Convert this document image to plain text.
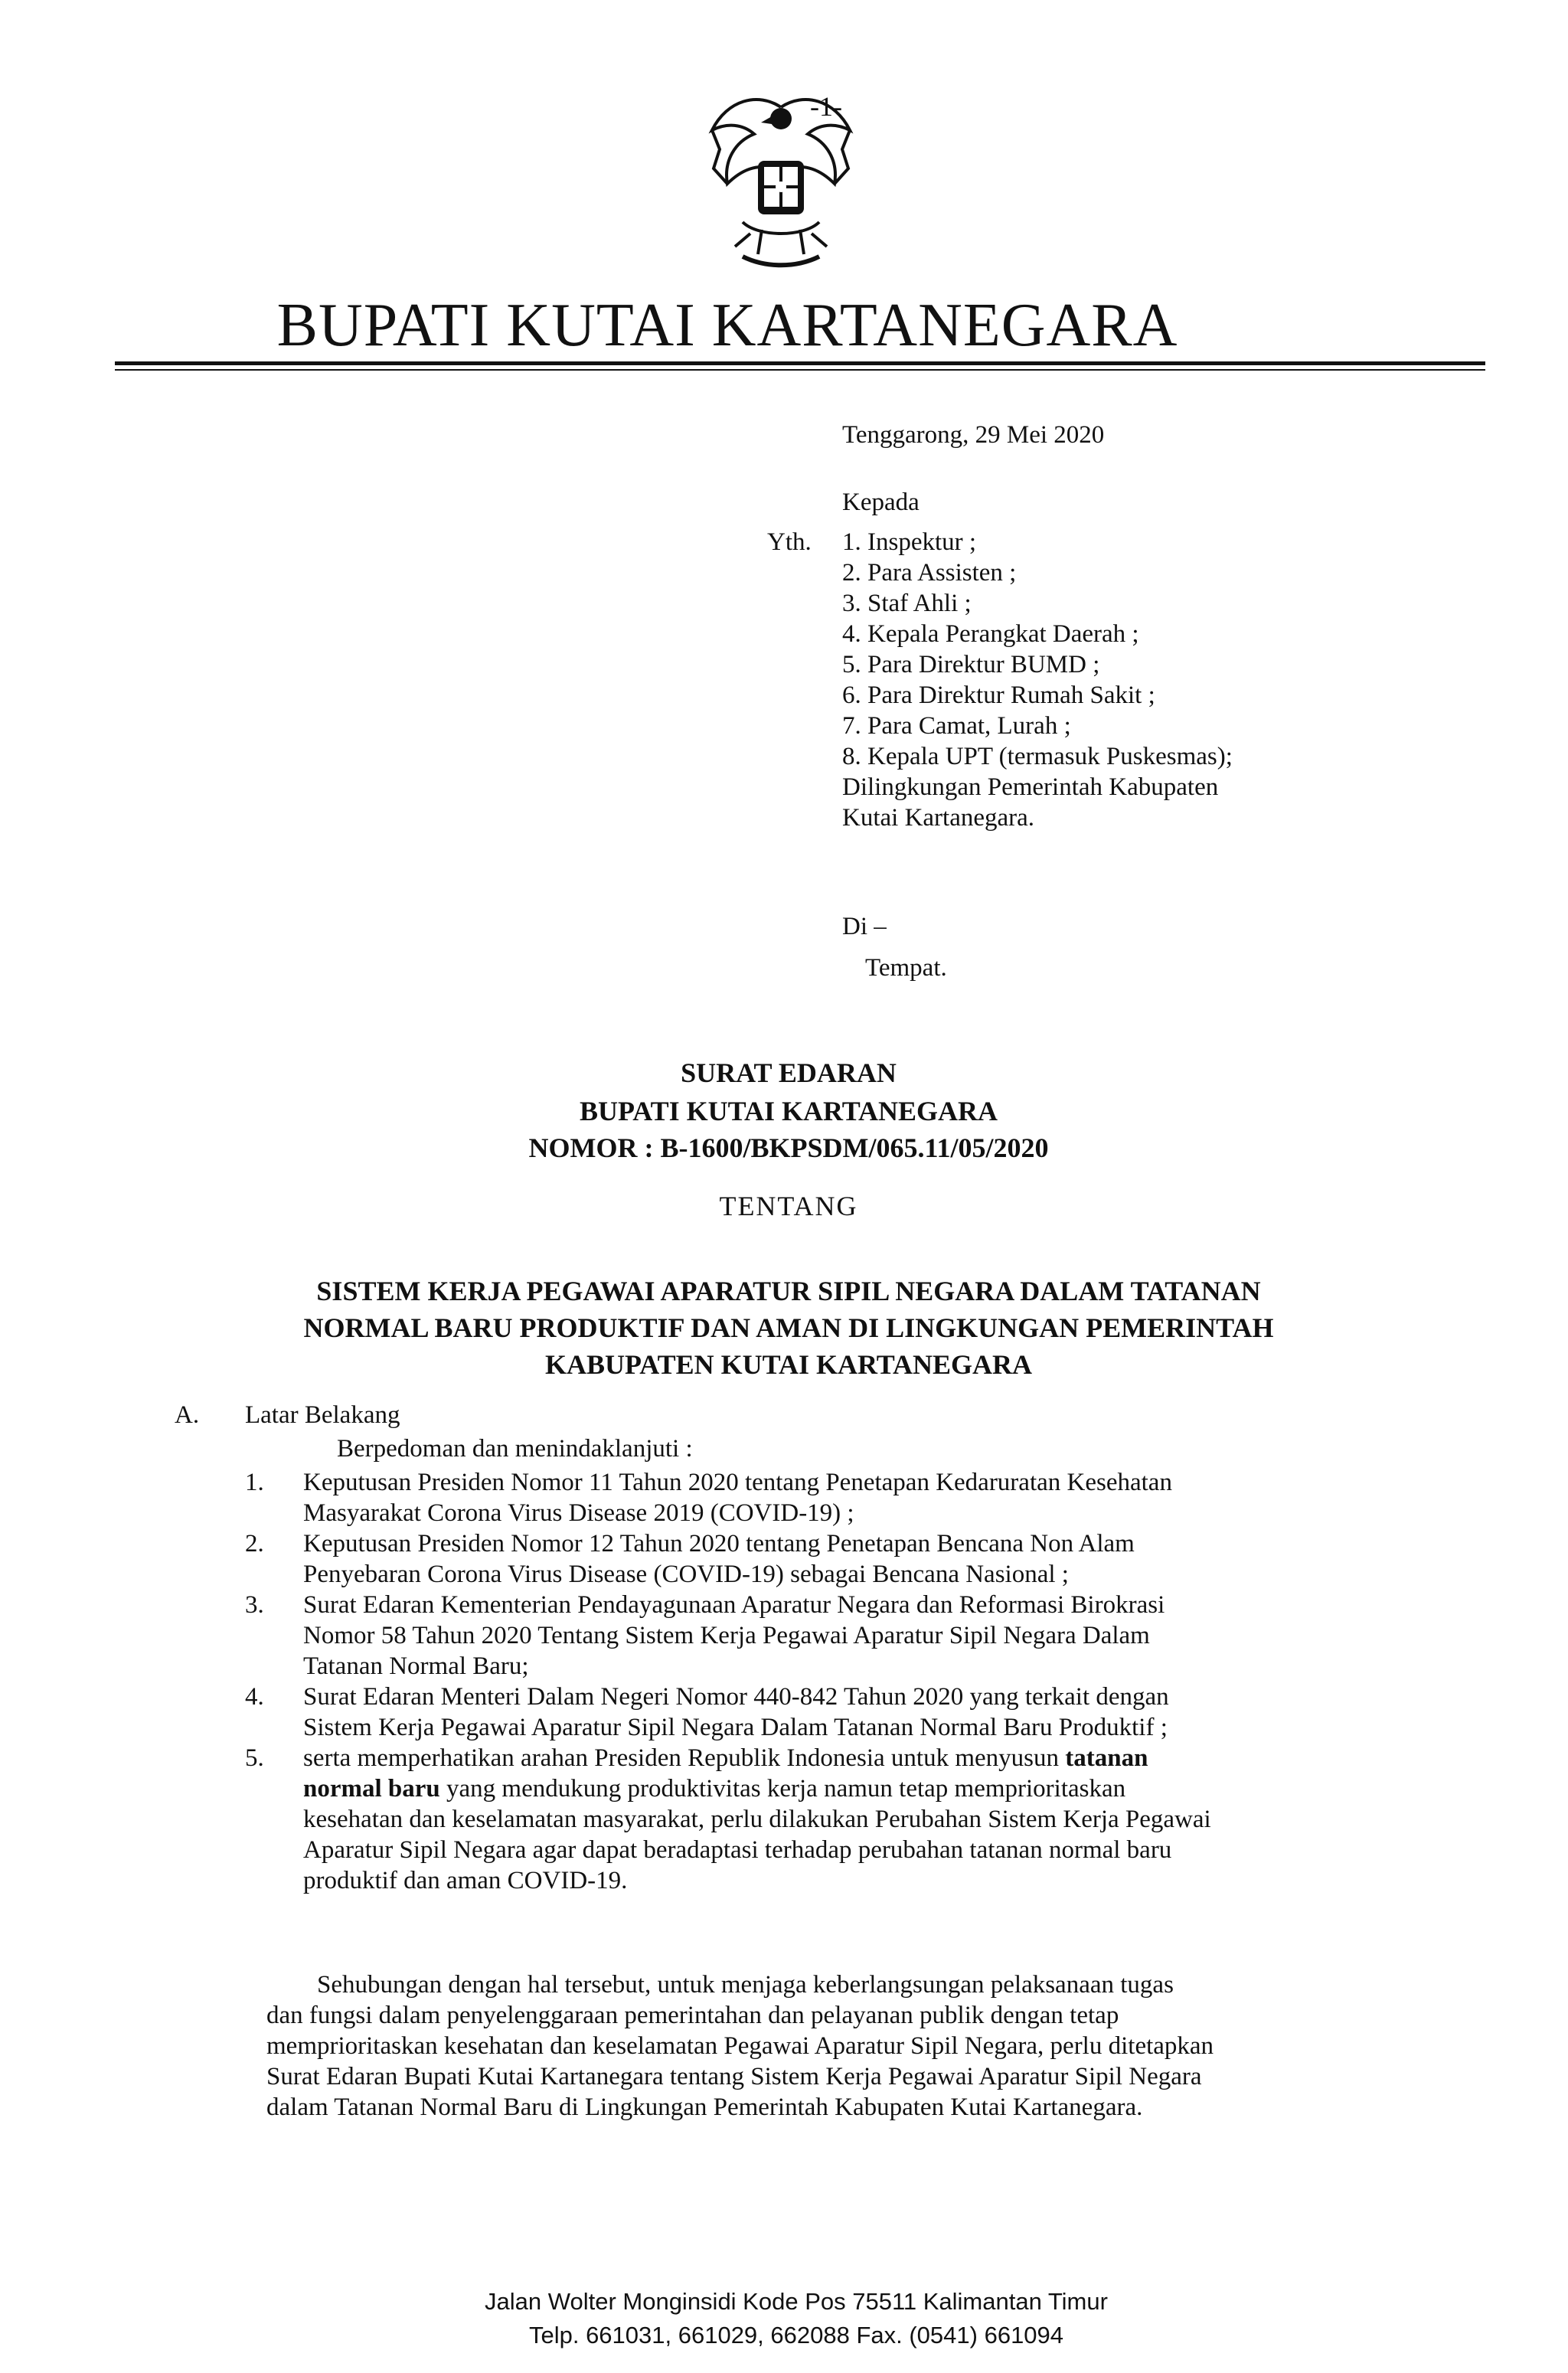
-1-
BUPATI KUTAI KARTANEGARA
Tenggarong, 29 Mei 2020
Yth.
Kepada
1. Inspektur ;
2. Para Assisten ;
3. Staf Ahli ;
4. Kepala Perangkat Daerah ;
5. Para Direktur BUMD ;
6. Para Direktur Rumah Sakit ;
7. Para Camat, Lurah ;
8. Kepala UPT (termasuk Puskesmas);
Dilingkungan Pemerintah Kabupaten
Kutai Kartanegara.
Di –
Tempat.
SURAT EDARAN
BUPATI KUTAI KARTANEGARA
NOMOR : B-1600/BKPSDM/065.11/05/2020
TENTANG
SISTEM KERJA PEGAWAI APARATUR SIPIL NEGARA DALAM TATANAN
NORMAL BARU PRODUKTIF DAN AMAN DI LINGKUNGAN PEMERINTAH
KABUPATEN KUTAI KARTANEGARA
A. Latar Belakang
Berpedoman dan menindaklanjuti :
1. Keputusan Presiden Nomor 11 Tahun 2020 tentang Penetapan Kedaruratan Kesehatan
Masyarakat Corona Virus Disease 2019 (COVID-19) ;
2. Keputusan Presiden Nomor 12 Tahun 2020 tentang Penetapan Bencana Non Alam
Penyebaran Corona Virus Disease (COVID-19) sebagai Bencana Nasional ;
3. Surat Edaran Kementerian Pendayagunaan Aparatur Negara dan Reformasi Birokrasi
Nomor 58 Tahun 2020 Tentang Sistem Kerja Pegawai Aparatur Sipil Negara Dalam
Tatanan Normal Baru;
4. Surat Edaran Menteri Dalam Negeri Nomor 440-842 Tahun 2020 yang terkait dengan
Sistem Kerja Pegawai Aparatur Sipil Negara Dalam Tatanan Normal Baru Produktif ;
5. serta memperhatikan arahan Presiden Republik Indonesia untuk menyusun tatanan
normal baru yang mendukung produktivitas kerja namun tetap memprioritaskan
kesehatan dan keselamatan masyarakat, perlu dilakukan Perubahan Sistem Kerja Pegawai
Aparatur Sipil Negara agar dapat beradaptasi terhadap perubahan tatanan normal baru
produktif dan aman COVID-19.
Sehubungan dengan hal tersebut, untuk menjaga keberlangsungan pelaksanaan tugas
dan fungsi dalam penyelenggaraan pemerintahan dan pelayanan publik dengan tetap
memprioritaskan kesehatan dan keselamatan Pegawai Aparatur Sipil Negara, perlu ditetapkan
Surat Edaran Bupati Kutai Kartanegara tentang Sistem Kerja Pegawai Aparatur Sipil Negara
dalam Tatanan Normal Baru di Lingkungan Pemerintah Kabupaten Kutai Kartanegara.
Jalan Wolter Monginsidi Kode Pos 75511 Kalimantan Timur
Telp. 661031, 661029, 662088 Fax. (0541) 661094
